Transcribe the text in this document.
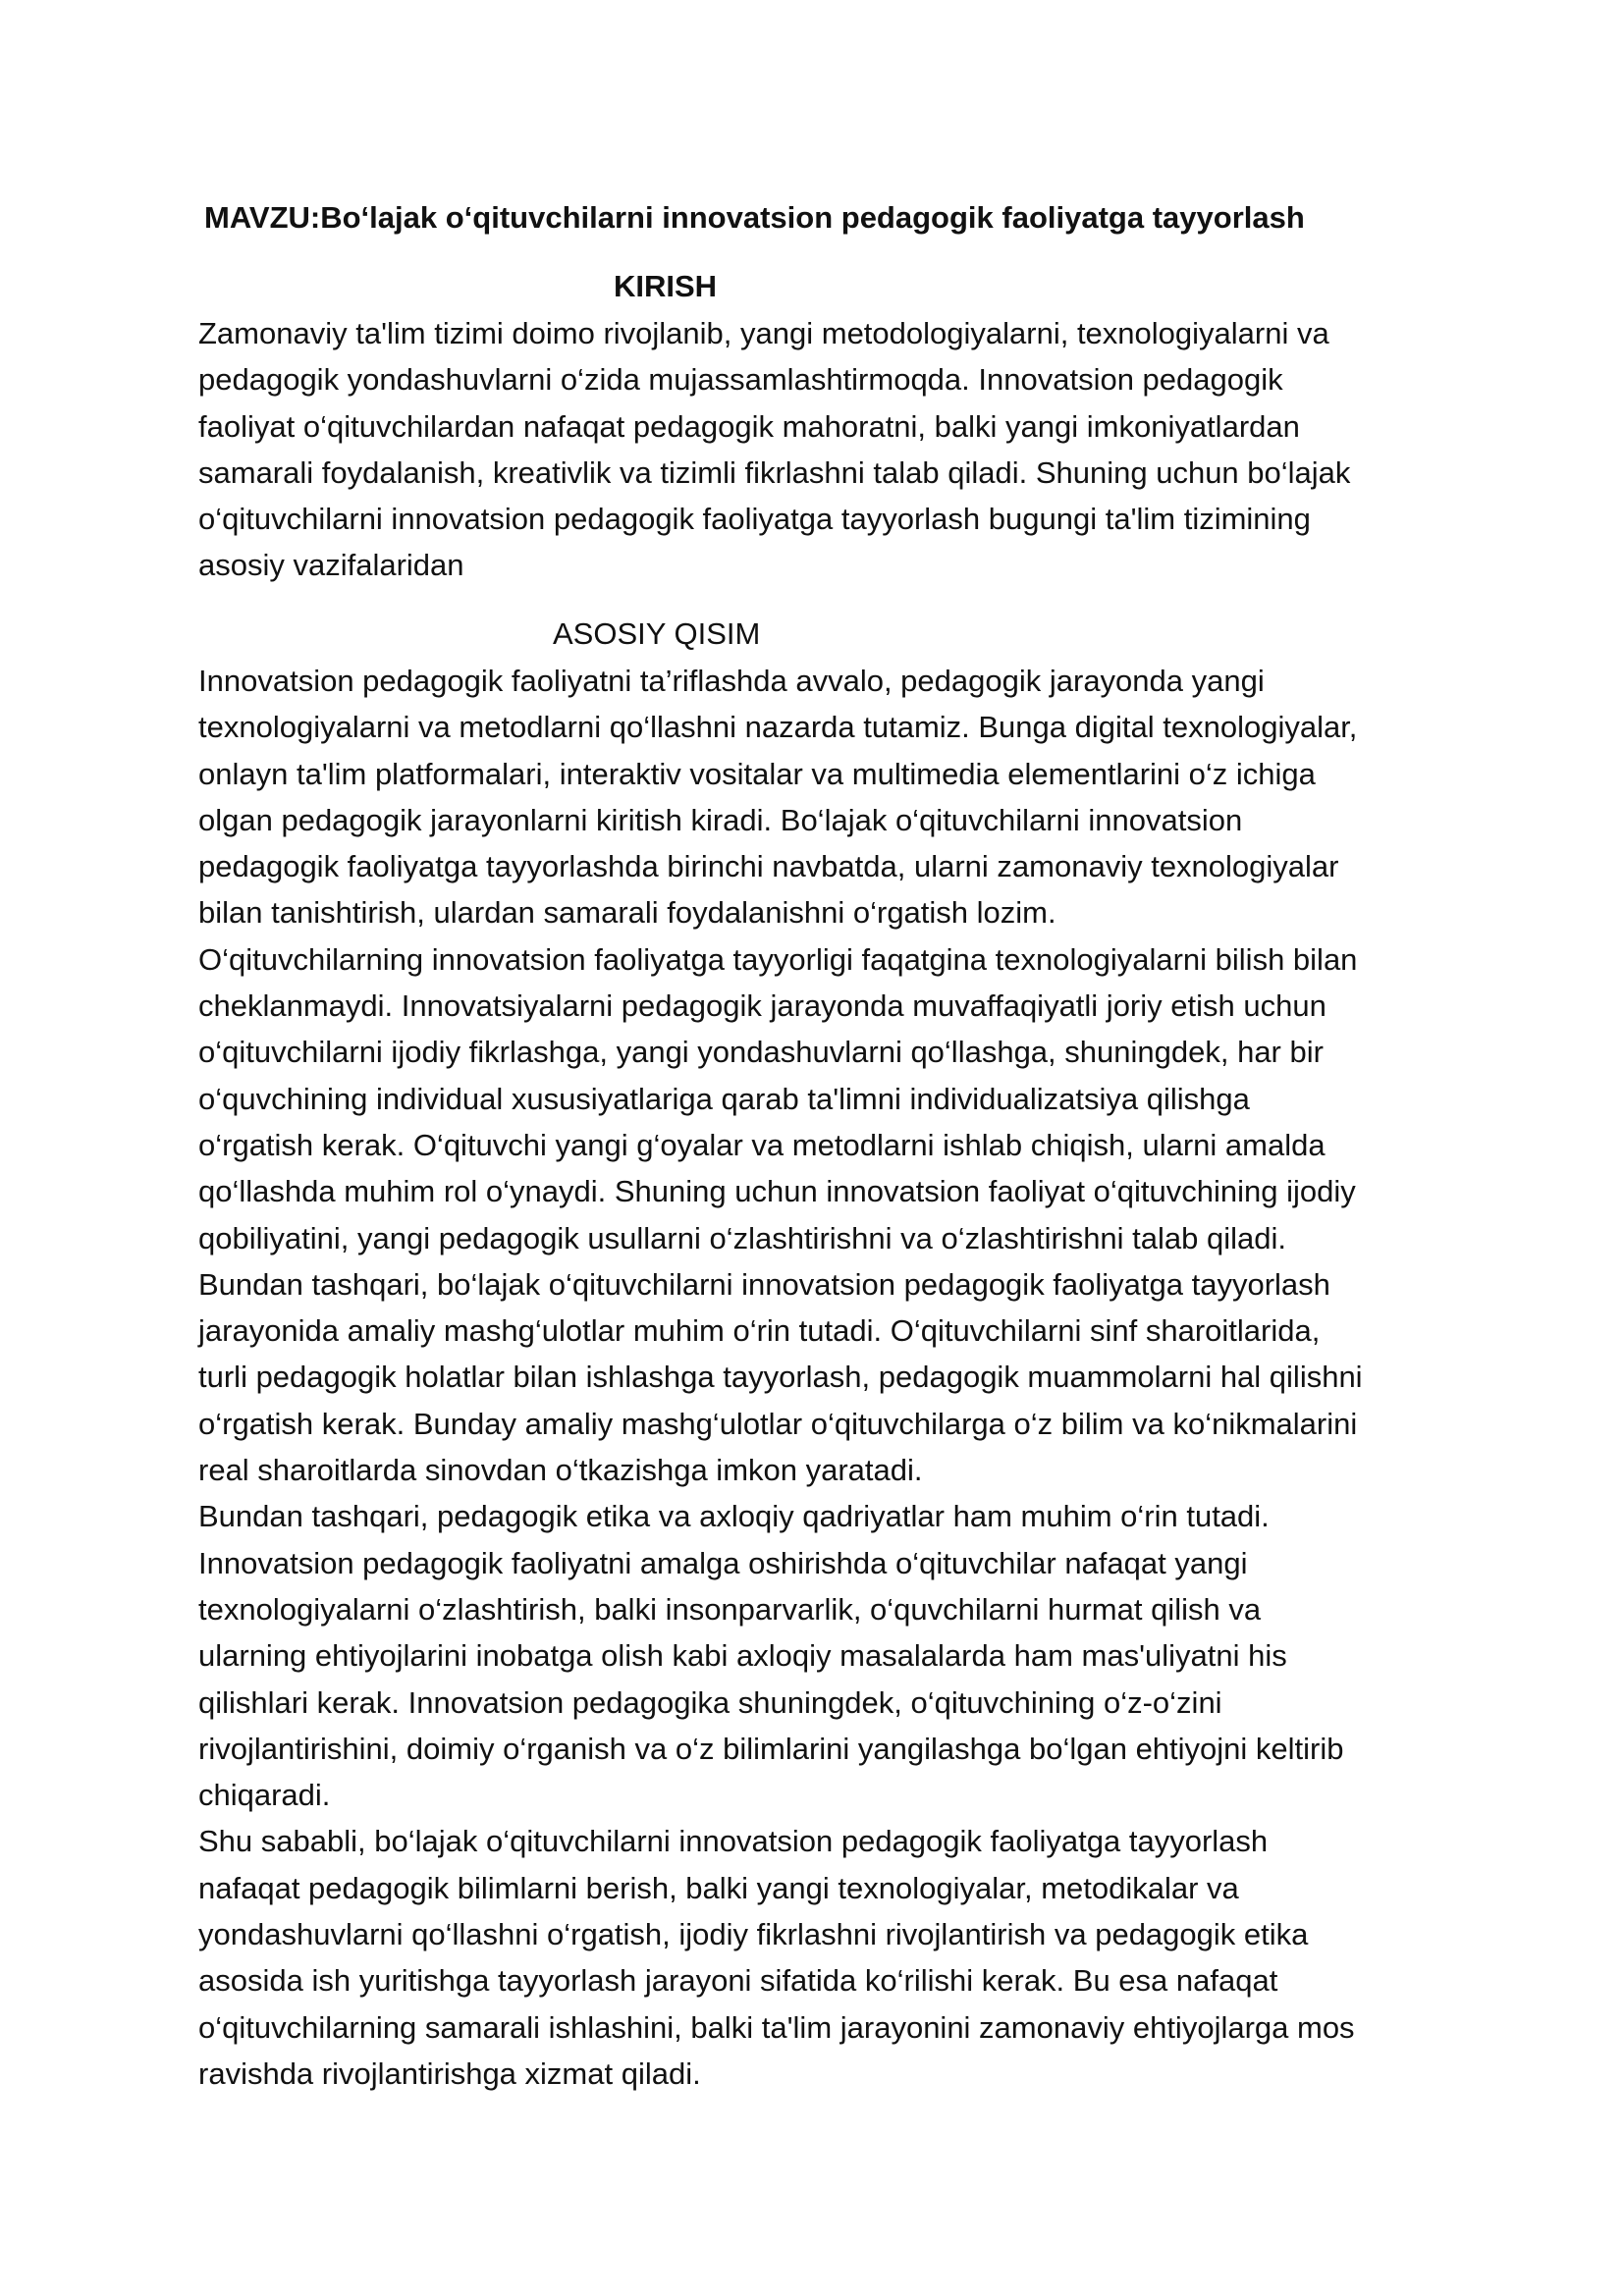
MAVZU:Bo‘lajak o‘qituvchilarni innovatsion pedagogik faoliyatga tayyorlash
KIRISH
Zamonaviy ta'lim tizimi doimo rivojlanib, yangi metodologiyalarni, texnologiyalarni va
pedagogik yondashuvlarni o‘zida mujassamlashtirmoqda. Innovatsion pedagogik
faoliyat o‘qituvchilardan nafaqat pedagogik mahoratni, balki yangi imkoniyatlardan
samarali foydalanish, kreativlik va tizimli fikrlashni talab qiladi. Shuning uchun bo‘lajak
o‘qituvchilarni innovatsion pedagogik faoliyatga tayyorlash bugungi ta'lim tizimining
asosiy vazifalaridan
ASOSIY QISIM
Innovatsion pedagogik faoliyatni ta’riflashda avvalo, pedagogik jarayonda yangi
texnologiyalarni va metodlarni qo‘llashni nazarda tutamiz. Bunga digital texnologiyalar,
onlayn ta'lim platformalari, interaktiv vositalar va multimedia elementlarini o‘z ichiga
olgan pedagogik jarayonlarni kiritish kiradi. Bo‘lajak o‘qituvchilarni innovatsion
pedagogik faoliyatga tayyorlashda birinchi navbatda, ularni zamonaviy texnologiyalar
bilan tanishtirish, ulardan samarali foydalanishni o‘rgatish lozim.
O‘qituvchilarning innovatsion faoliyatga tayyorligi faqatgina texnologiyalarni bilish bilan
cheklanmaydi. Innovatsiyalarni pedagogik jarayonda muvaffaqiyatli joriy etish uchun
o‘qituvchilarni ijodiy fikrlashga, yangi yondashuvlarni qo‘llashga, shuningdek, har bir
o‘quvchining individual xususiyatlariga qarab ta'limni individualizatsiya qilishga
o‘rgatish kerak. O‘qituvchi yangi g‘oyalar va metodlarni ishlab chiqish, ularni amalda
qo‘llashda muhim rol o‘ynaydi. Shuning uchun innovatsion faoliyat o‘qituvchining ijodiy
qobiliyatini, yangi pedagogik usullarni o‘zlashtirishni va o‘zlashtirishni talab qiladi.
Bundan tashqari, bo‘lajak o‘qituvchilarni innovatsion pedagogik faoliyatga tayyorlash
jarayonida amaliy mashg‘ulotlar muhim o‘rin tutadi. O‘qituvchilarni sinf sharoitlarida,
turli pedagogik holatlar bilan ishlashga tayyorlash, pedagogik muammolarni hal qilishni
o‘rgatish kerak. Bunday amaliy mashg‘ulotlar o‘qituvchilarga o‘z bilim va ko‘nikmalarini
real sharoitlarda sinovdan o‘tkazishga imkon yaratadi.
Bundan tashqari, pedagogik etika va axloqiy qadriyatlar ham muhim o‘rin tutadi.
Innovatsion pedagogik faoliyatni amalga oshirishda o‘qituvchilar nafaqat yangi
texnologiyalarni o‘zlashtirish, balki insonparvarlik, o‘quvchilarni hurmat qilish va
ularning ehtiyojlarini inobatga olish kabi axloqiy masalalarda ham mas'uliyatni his
qilishlari kerak. Innovatsion pedagogika shuningdek, o‘qituvchining o‘z-o‘zini
rivojlantirishini, doimiy o‘rganish va o‘z bilimlarini yangilashga bo‘lgan ehtiyojni keltirib
chiqaradi.
Shu sababli, bo‘lajak o‘qituvchilarni innovatsion pedagogik faoliyatga tayyorlash
nafaqat pedagogik bilimlarni berish, balki yangi texnologiyalar, metodikalar va
yondashuvlarni qo‘llashni o‘rgatish, ijodiy fikrlashni rivojlantirish va pedagogik etika
asosida ish yuritishga tayyorlash jarayoni sifatida ko‘rilishi kerak. Bu esa nafaqat
o‘qituvchilarning samarali ishlashini, balki ta'lim jarayonini zamonaviy ehtiyojlarga mos
ravishda rivojlantirishga xizmat qiladi.
